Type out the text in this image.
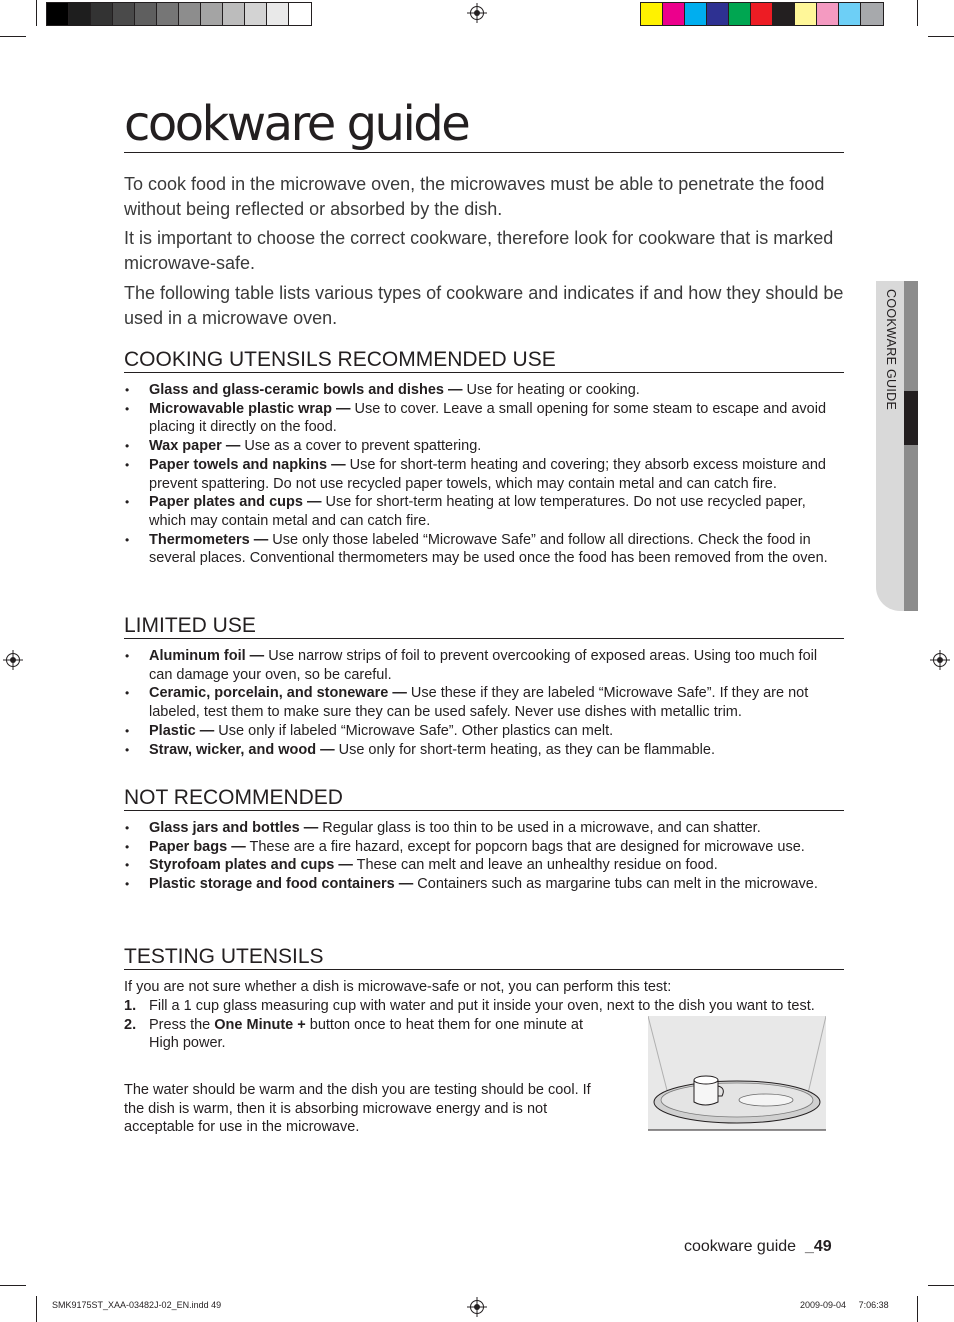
COOKWARE GUIDE
cookware guide

To cook food in the microwave oven, the microwaves must be able to penetrate the food without being reflected or absorbed by the dish.

It is important to choose the correct cookware, therefore look for cookware that is marked microwave-safe.

The following table lists various types of cookware and indicates if and how they should be used in a microwave oven.

COOKING UTENSILS RECOMMENDED USE
• Glass and glass-ceramic bowls and dishes — Use for heating or cooking.
• Microwavable plastic wrap — Use to cover. Leave a small opening for some steam to escape and avoid placing it directly on the food.
• Wax paper — Use as a cover to prevent spattering.
• Paper towels and napkins — Use for short-term heating and covering; they absorb excess moisture and prevent spattering. Do not use recycled paper towels, which may contain metal and can catch fire.
• Paper plates and cups — Use for short-term heating at low temperatures. Do not use recycled paper, which may contain metal and can catch fire.
• Thermometers — Use only those labeled “Microwave Safe” and follow all directions. Check the food in several places. Conventional thermometers may be used once the food has been removed from the oven.
LIMITED USE
• Aluminum foil — Use narrow strips of foil to prevent overcooking of exposed areas. Using too much foil can damage your oven, so be careful.
• Ceramic, porcelain, and stoneware — Use these if they are labeled “Microwave Safe”. If they are not labeled, test them to make sure they can be used safely. Never use dishes with metallic trim.
• Plastic — Use only if labeled “Microwave Safe”. Other plastics can melt.
• Straw, wicker, and wood — Use only for short-term heating, as they can be flammable.
NOT RECOMMENDED
• Glass jars and bottles — Regular glass is too thin to be used in a microwave, and can shatter.
• Paper bags — These are a fire hazard, except for popcorn bags that are designed for microwave use.
• Styrofoam plates and cups — These can melt and leave an unhealthy residue on food.
• Plastic storage and food containers — Containers such as margarine tubs can melt in the microwave.
TESTING UTENSILS

If you are not sure whether a dish is microwave-safe or not, you can perform this test:

1. Fill a 1 cup glass measuring cup with water and put it inside your oven, next to the dish you want to test.
2. Press the One Minute + button once to heat them for one minute at High power.

The water should be warm and the dish you are testing should be cool. If the dish is warm, then it is absorbing microwave energy and is not acceptable for use in the microwave.

cookware guide _49
SMK9175ST_XAA-03482J-02_EN.indd 49	2009-09-04 7:06:38
